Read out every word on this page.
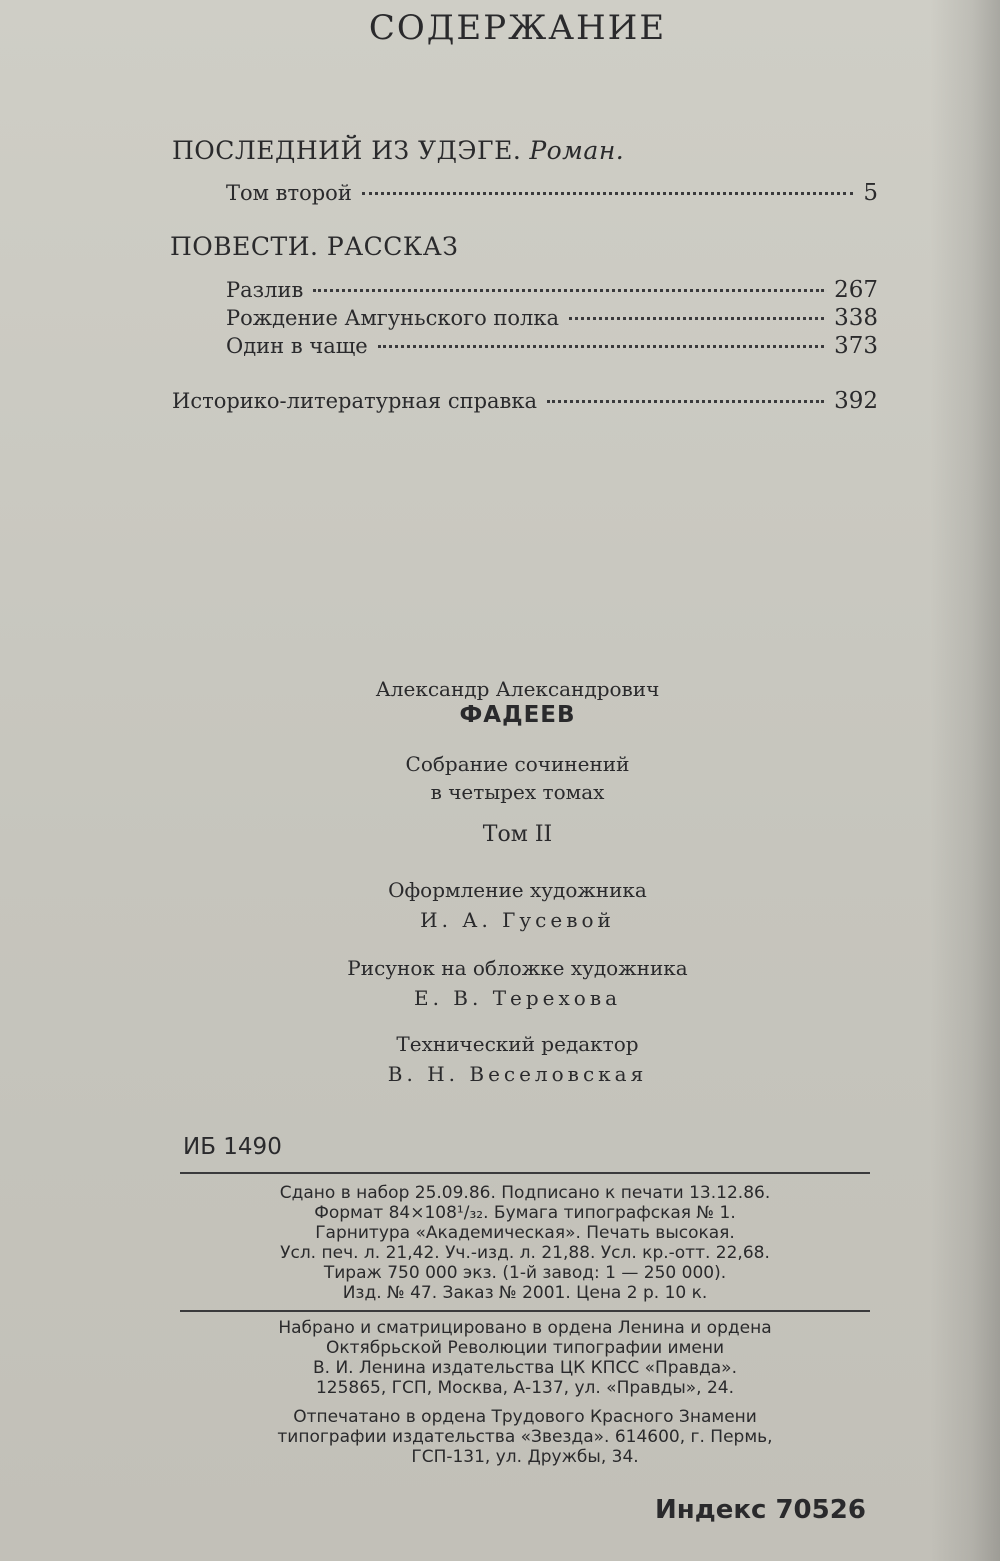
СОДЕРЖАНИЕ
ПОСЛЕДНИЙ ИЗ УДЭГЕ. Роман.
Том второй	5
ПОВЕСТИ. РАССКАЗ
Разлив	267
Рождение Амгуньского полка	338
Один в чаще	373
Историко-литературная справка	392
Александр Александрович
ФАДЕЕВ
Собрание сочинений
в четырех томах
Том II
Оформление художника
И. А. Гусевой
Рисунок на обложке художника
Е. В. Терехова
Технический редактор
В. Н. Веселовская
ИБ 1490
Сдано в набор 25.09.86. Подписано к печати 13.12.86.
Формат 84×108¹/₃₂. Бумага типографская № 1.
Гарнитура «Академическая». Печать высокая.
Усл. печ. л. 21,42. Уч.-изд. л. 21,88. Усл. кр.-отт. 22,68.
Тираж 750 000 экз. (1-й завод: 1 — 250 000).
Изд. № 47. Заказ № 2001. Цена 2 р. 10 к.
Набрано и сматрицировано в ордена Ленина и ордена
Октябрьской Революции типографии имени
В. И. Ленина издательства ЦК КПСС «Правда».
125865, ГСП, Москва, А-137, ул. «Правды», 24.
Отпечатано в ордена Трудового Красного Знамени
типографии издательства «Звезда». 614600, г. Пермь,
ГСП-131, ул. Дружбы, 34.
Индекс 70526
